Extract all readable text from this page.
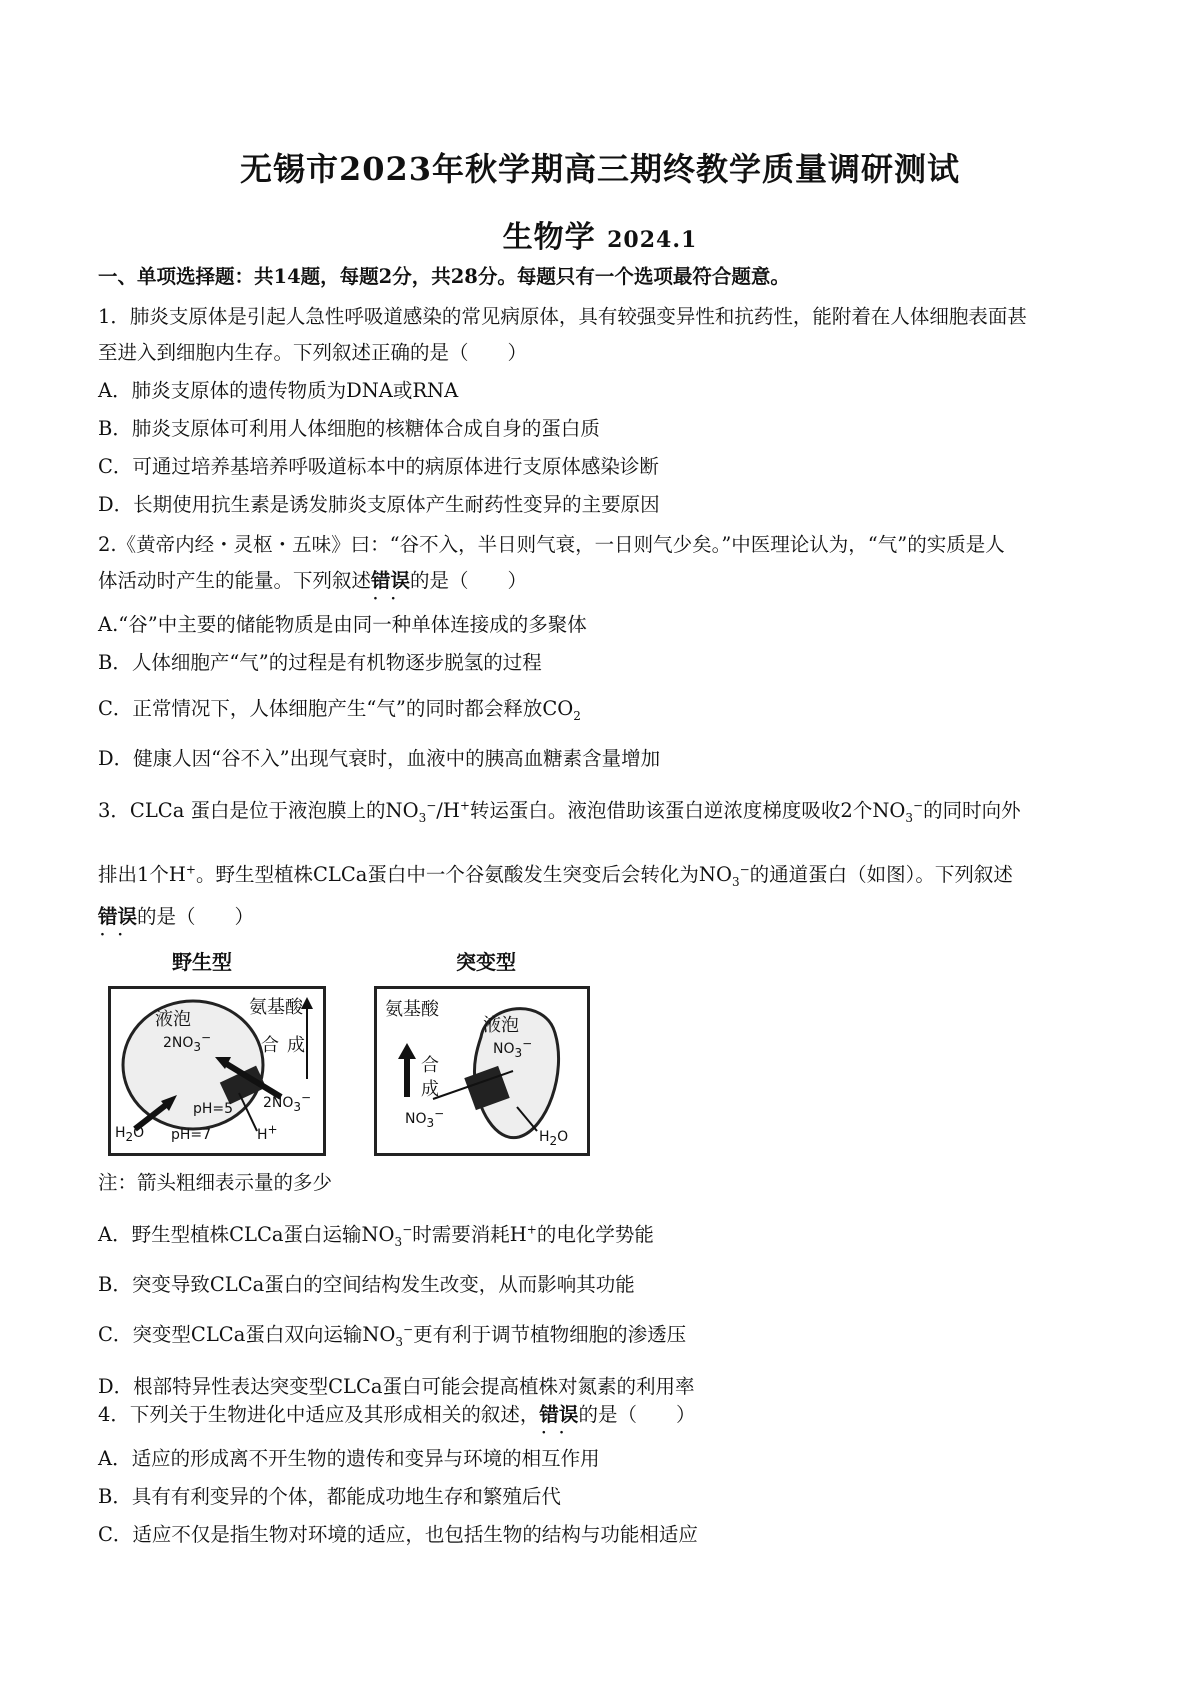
无锡市2023年秋学期高三期终教学质量调研测试
生物学 2024.1
一、单项选择题：共14题，每题2分，共28分。每题只有一个选项最符合题意。
1．肺炎支原体是引起人急性呼吸道感染的常见病原体，具有较强变异性和抗药性，能附着在人体细胞表面甚
至进入到细胞内生存。下列叙述正确的是（　　）
A．肺炎支原体的遗传物质为DNA或RNA
B．肺炎支原体可利用人体细胞的核糖体合成自身的蛋白质
C．可通过培养基培养呼吸道标本中的病原体进行支原体感染诊断
D．长期使用抗生素是诱发肺炎支原体产生耐药性变异的主要原因
2.《黄帝内经・灵枢・五味》曰：“谷不入，半日则气衰，一日则气少矣。”中医理论认为，“气”的实质是人
体活动时产生的能量。下列叙述错误 · ·的是（　　）
A.“谷”中主要的储能物质是由同一种单体连接成的多聚体
B．人体细胞产“气”的过程是有机物逐步脱氢的过程
C．正常情况下，人体细胞产生“气”的同时都会释放$CO_2$
D．健康人因“谷不入”出现气衰时，血液中的胰高血糖素含量增加
3．CLCa 蛋白是位于液泡膜上的$NO_3^-/H^+$转运蛋白。液泡借助该蛋白逆浓度梯度吸收2个$NO_3^-$的同时向外
排出1个H+。野生型植株CLCa蛋白中一个谷氨酸发生突变后会转化为$NO_3^-$的通道蛋白（如图）。下列叙述
错误 · ·的是（　　）
野生型	突变型
液泡
氨基酸
合 成
$2NO_3^-$
$2NO_3^-$
pH=5
pH=7
$H_2O$	H+
氨基酸
合
成
液泡
$NO_3^-$
$NO_3^-$
$H_2O$
注：箭头粗细表示量的多少
A．野生型植株CLCa蛋白运输$NO_3^-$时需要消耗H+的电化学势能
B．突变导致CLCa蛋白的空间结构发生改变，从而影响其功能
C．突变型CLCa蛋白双向运输$NO_3^-$更有利于调节植物细胞的渗透压
D．根部特异性表达突变型CLCa蛋白可能会提高植株对氮素的利用率
4．下列关于生物进化中适应及其形成相关的叙述，错误 · ·的是（　　）
A．适应的形成离不开生物的遗传和变异与环境的相互作用
B．具有有利变异的个体，都能成功地生存和繁殖后代
C．适应不仅是指生物对环境的适应，也包括生物的结构与功能相适应
